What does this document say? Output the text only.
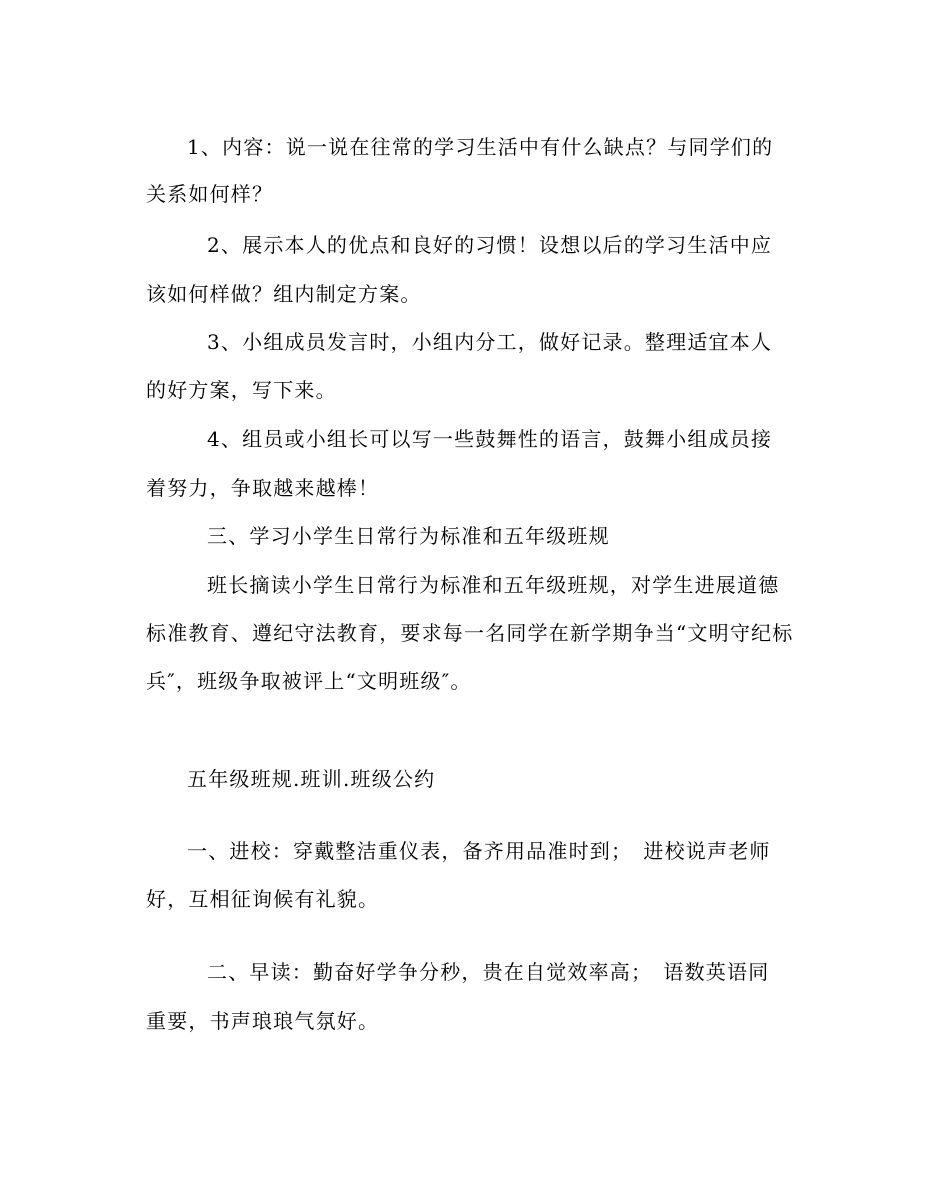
1、内容：说一说在往常的学习生活中有什么缺点？与同学们的
关系如何样？
2、展示本人的优点和良好的习惯！设想以后的学习生活中应
该如何样做？组内制定方案。
3、小组成员发言时，小组内分工，做好记录。整理适宜本人
的好方案，写下来。
4、组员或小组长可以写一些鼓舞性的语言，鼓舞小组成员接
着努力，争取越来越棒！
三、学习小学生日常行为标准和五年级班规
班长摘读小学生日常行为标准和五年级班规，对学生进展道德
标准教育、遵纪守法教育，要求每一名同学在新学期争当“文明守纪标
兵″，班级争取被评上“文明班级″。
五年级班规.班训.班级公约
一、进校：穿戴整洁重仪表，备齐用品准时到；　进校说声老师
好，互相征询候有礼貌。
二、早读：勤奋好学争分秒，贵在自觉效率高；　语数英语同
重要，书声琅琅气氛好。
